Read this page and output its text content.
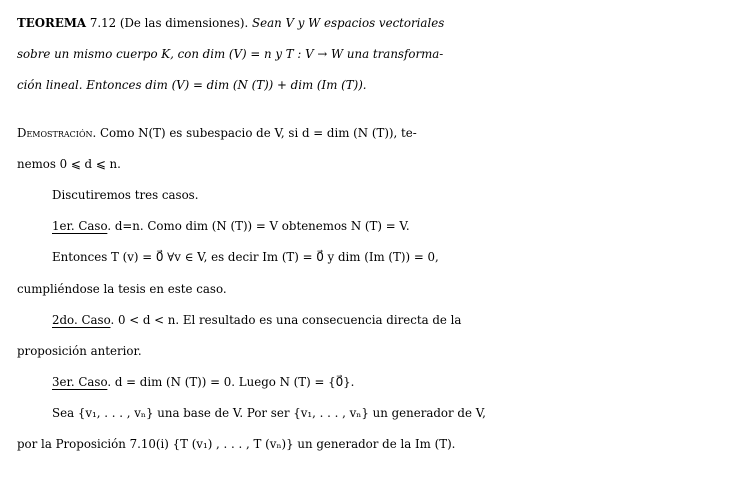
TEOREMA 7.12 (De las dimensiones). Sean V y W espacios vectoriales
sobre un mismo cuerpo K, con dim (V) = n y T : V → W una transforma-
ción lineal. Entonces dim (V) = dim (N (T)) + dim (Im (T)).
Demostración. Como N(T) es subespacio de V, si d = dim (N (T)), te-
nemos 0 ⩽ d ⩽ n.
Discutiremos tres casos.
1er. Caso. d=n. Como dim (N (T)) = V obtenemos N (T) = V.
Entonces T (v) = 0⃗ ∀v ∈ V, es decir Im (T) = 0⃗ y dim (Im (T)) = 0,
cumpliéndose la tesis en este caso.
2do. Caso. 0 < d < n. El resultado es una consecuencia directa de la
proposición anterior.
3er. Caso. d = dim (N (T)) = 0. Luego N (T) = {0⃗}.
Sea {v₁, . . . , vₙ} una base de V. Por ser {v₁, . . . , vₙ} un generador de V,
por la Proposición 7.10(i) {T (v₁) , . . . , T (vₙ)} un generador de la Im (T).
